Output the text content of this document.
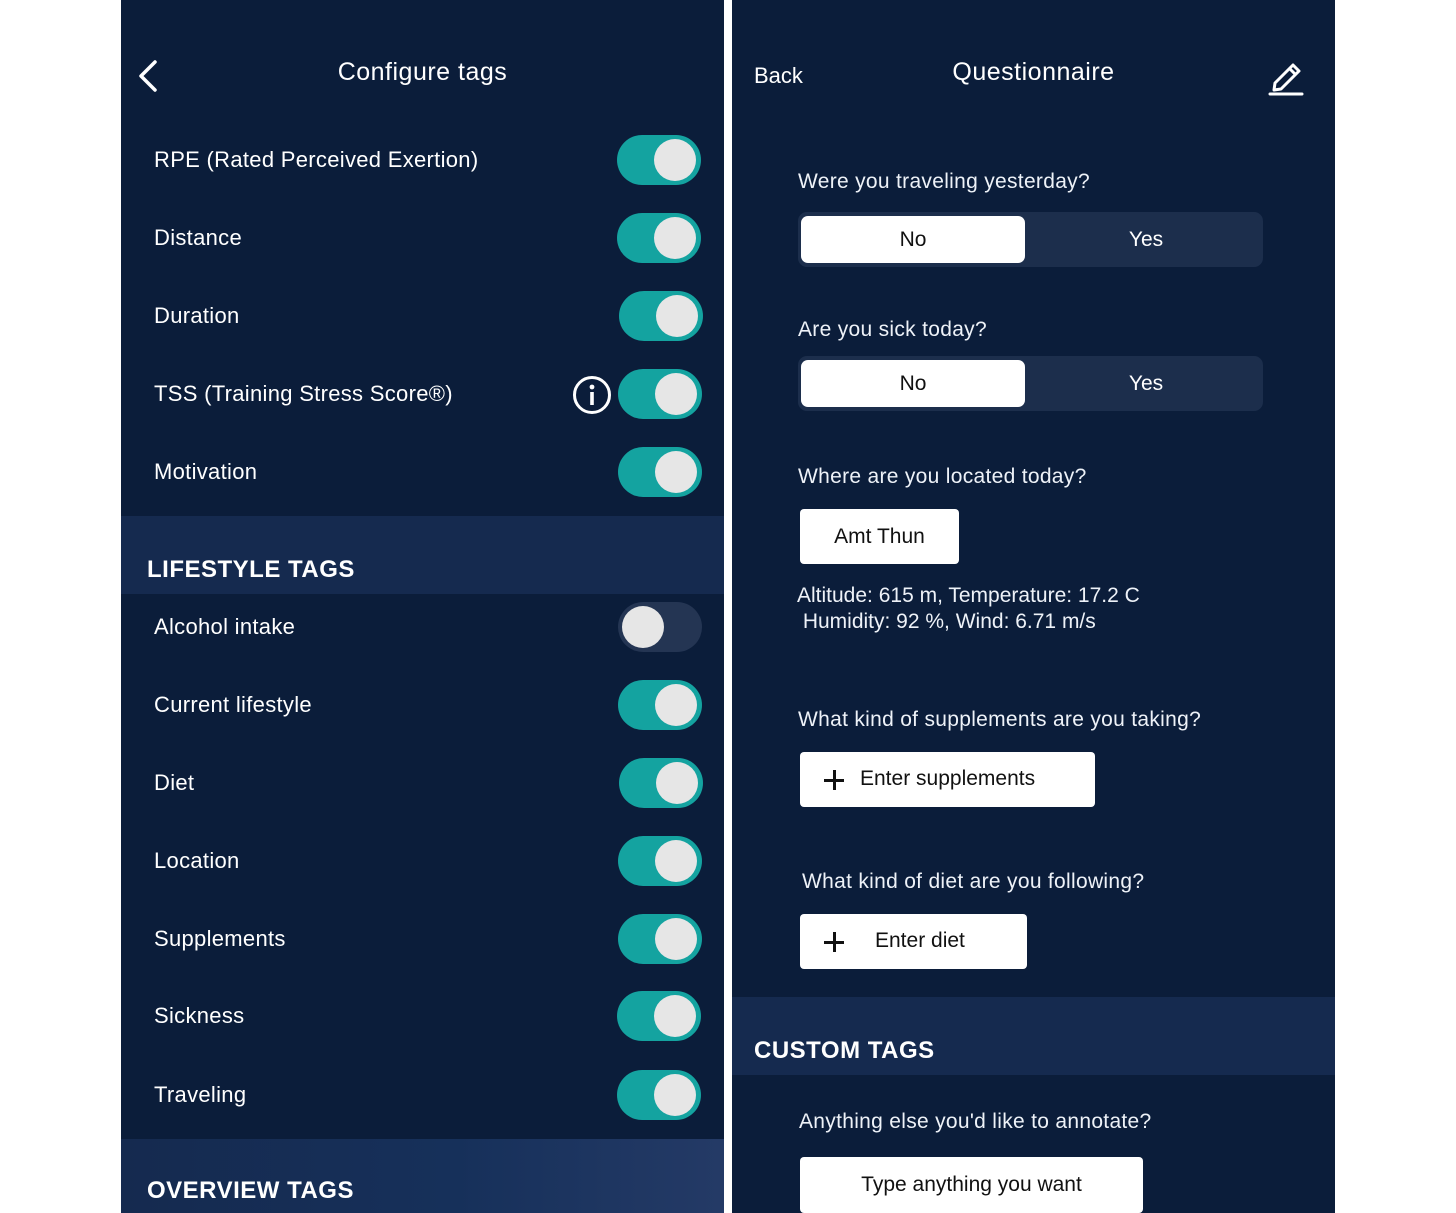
Configure tags
RPE (Rated Perceived Exertion)
Distance
Duration
TSS (Training Stress Score®)
Motivation
LIFESTYLE TAGS
Alcohol intake
Current lifestyle
Diet
Location
Supplements
Sickness
Traveling
OVERVIEW TAGS
Back	Questionnaire
Were you traveling yesterday?
No	Yes
Are you sick today?
No	Yes
Where are you located today?
Amt Thun
Altitude: 615 m, Temperature: 17.2 C
Humidity: 92 %, Wind: 6.71 m/s
What kind of supplements are you taking?
Enter supplements
What kind of diet are you following?
Enter diet
CUSTOM TAGS
Anything else you'd like to annotate?
Type anything you want
